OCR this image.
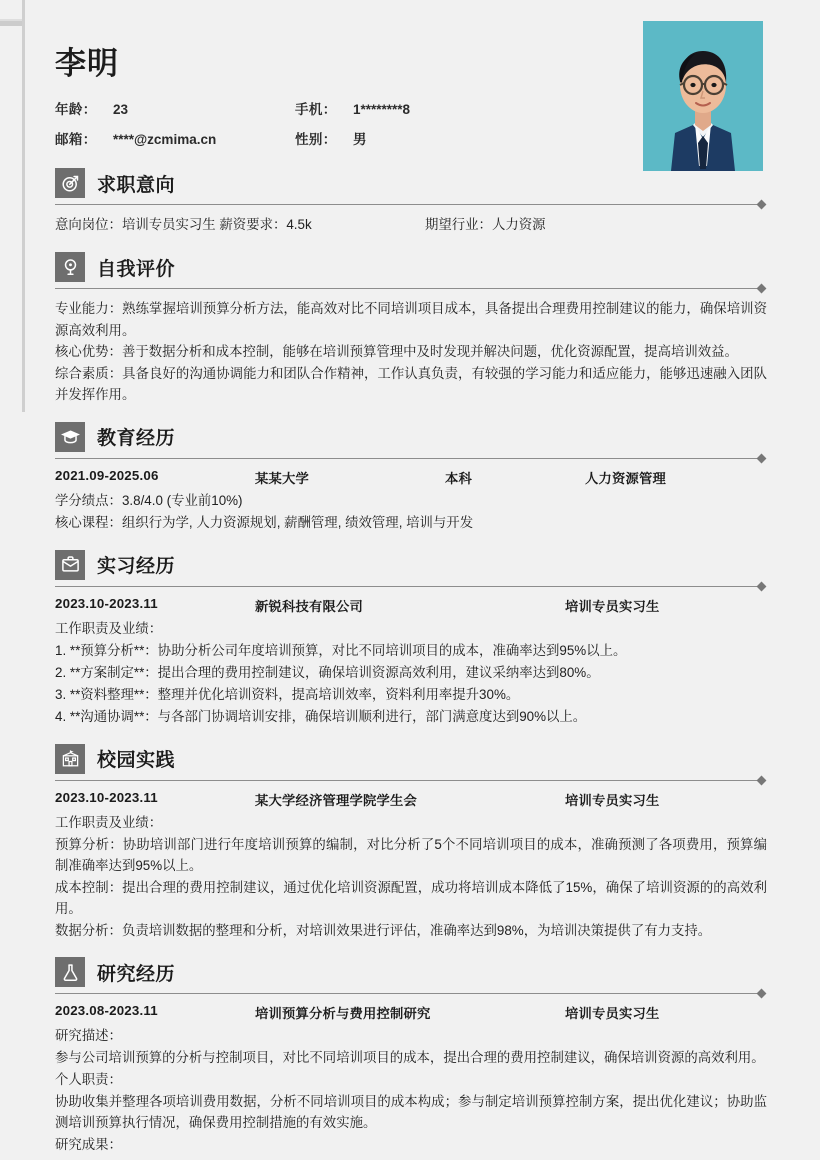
李明
年龄：	23	手机：	1********8
邮箱：	****@zcmima.cn	性别：	男
求职意向
意向岗位：培训专员实习生 薪资要求：4.5k	期望行业：人力资源
自我评价
专业能力：熟练掌握培训预算分析方法，能高效对比不同培训项目成本，具备提出合理费用控制建议的能力，确保培训资源高效利用。
核心优势：善于数据分析和成本控制，能够在培训预算管理中及时发现并解决问题，优化资源配置，提高培训效益。
综合素质：具备良好的沟通协调能力和团队合作精神，工作认真负责，有较强的学习能力和适应能力，能够迅速融入团队并发挥作用。
教育经历
2021.09-2025.06	某某大学	本科	人力资源管理
学分绩点：3.8/4.0 (专业前10%)
核心课程：组织行为学, 人力资源规划, 薪酬管理, 绩效管理, 培训与开发
实习经历
2023.10-2023.11	新锐科技有限公司	培训专员实习生
工作职责及业绩：
1. **预算分析**：协助分析公司年度培训预算，对比不同培训项目的成本，准确率达到95%以上。
2. **方案制定**：提出合理的费用控制建议，确保培训资源高效利用，建议采纳率达到80%。
3. **资料整理**：整理并优化培训资料，提高培训效率，资料利用率提升30%。
4. **沟通协调**：与各部门协调培训安排，确保培训顺利进行，部门满意度达到90%以上。
校园实践
2023.10-2023.11	某大学经济管理学院学生会	培训专员实习生
工作职责及业绩：
预算分析：协助培训部门进行年度培训预算的编制，对比分析了5个不同培训项目的成本，准确预测了各项费用，预算编制准确率达到95%以上。
成本控制：提出合理的费用控制建议，通过优化培训资源配置，成功将培训成本降低了15%，确保了培训资源的的高效利用。
数据分析：负责培训数据的整理和分析，对培训效果进行评估，准确率达到98%，为培训决策提供了有力支持。
研究经历
2023.08-2023.11	培训预算分析与费用控制研究	培训专员实习生
研究描述：
参与公司培训预算的分析与控制项目，对比不同培训项目的成本，提出合理的费用控制建议，确保培训资源的高效利用。
个人职责：
协助收集并整理各项培训费用数据，分析不同培训项目的成本构成；参与制定培训预算控制方案，提出优化建议；协助监测培训预算执行情况，确保费用控制措施的有效实施。
研究成果：
